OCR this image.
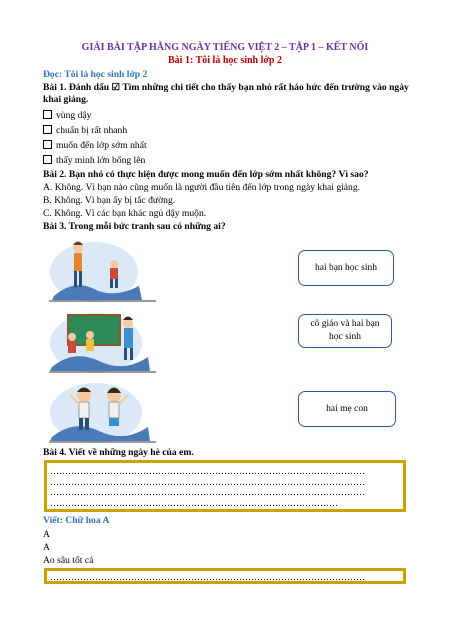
GIẢI BÀI TẬP HẰNG NGÀY TIẾNG VIỆT 2 – TẬP 1 – KẾT NỐI
Bài 1: Tôi là học sinh lớp 2
Đọc: Tôi là học sinh lớp 2
Bài 1. Đánh dấu ☑ Tìm những chi tiết cho thấy bạn nhỏ rất háo hức đến trường vào ngày khai giảng.
vùng dậy
chuẩn bị rất nhanh
muốn đến lớp sớm nhất
thấy mình lớn bổng lên
Bài 2. Bạn nhỏ có thực hiện được mong muốn đến lớp sớm nhất không? Vì sao?
A. Không. Vì bạn nào cũng muốn là người đầu tiên đến lớp trong ngày khai giảng.
B. Không. Vì bạn ấy bị tắc đường.
C. Không. Vì các bạn khác ngủ dậy muộn.
Bài 3. Trong mỗi bức tranh sau có những ai?
hai bạn học sinh
cô giáo và hai bạn học sinh
hai mẹ con
Bài 4. Viết về những ngày hè của em.
……………………………………………………………………………………………
……………………………………………………………………………………………
……………………………………………………………………………………………
……………………………………………………………………………………
Viết: Chữ hoa A
A
A
Ao sâu tốt cá
……………………………………………………………………………………………
